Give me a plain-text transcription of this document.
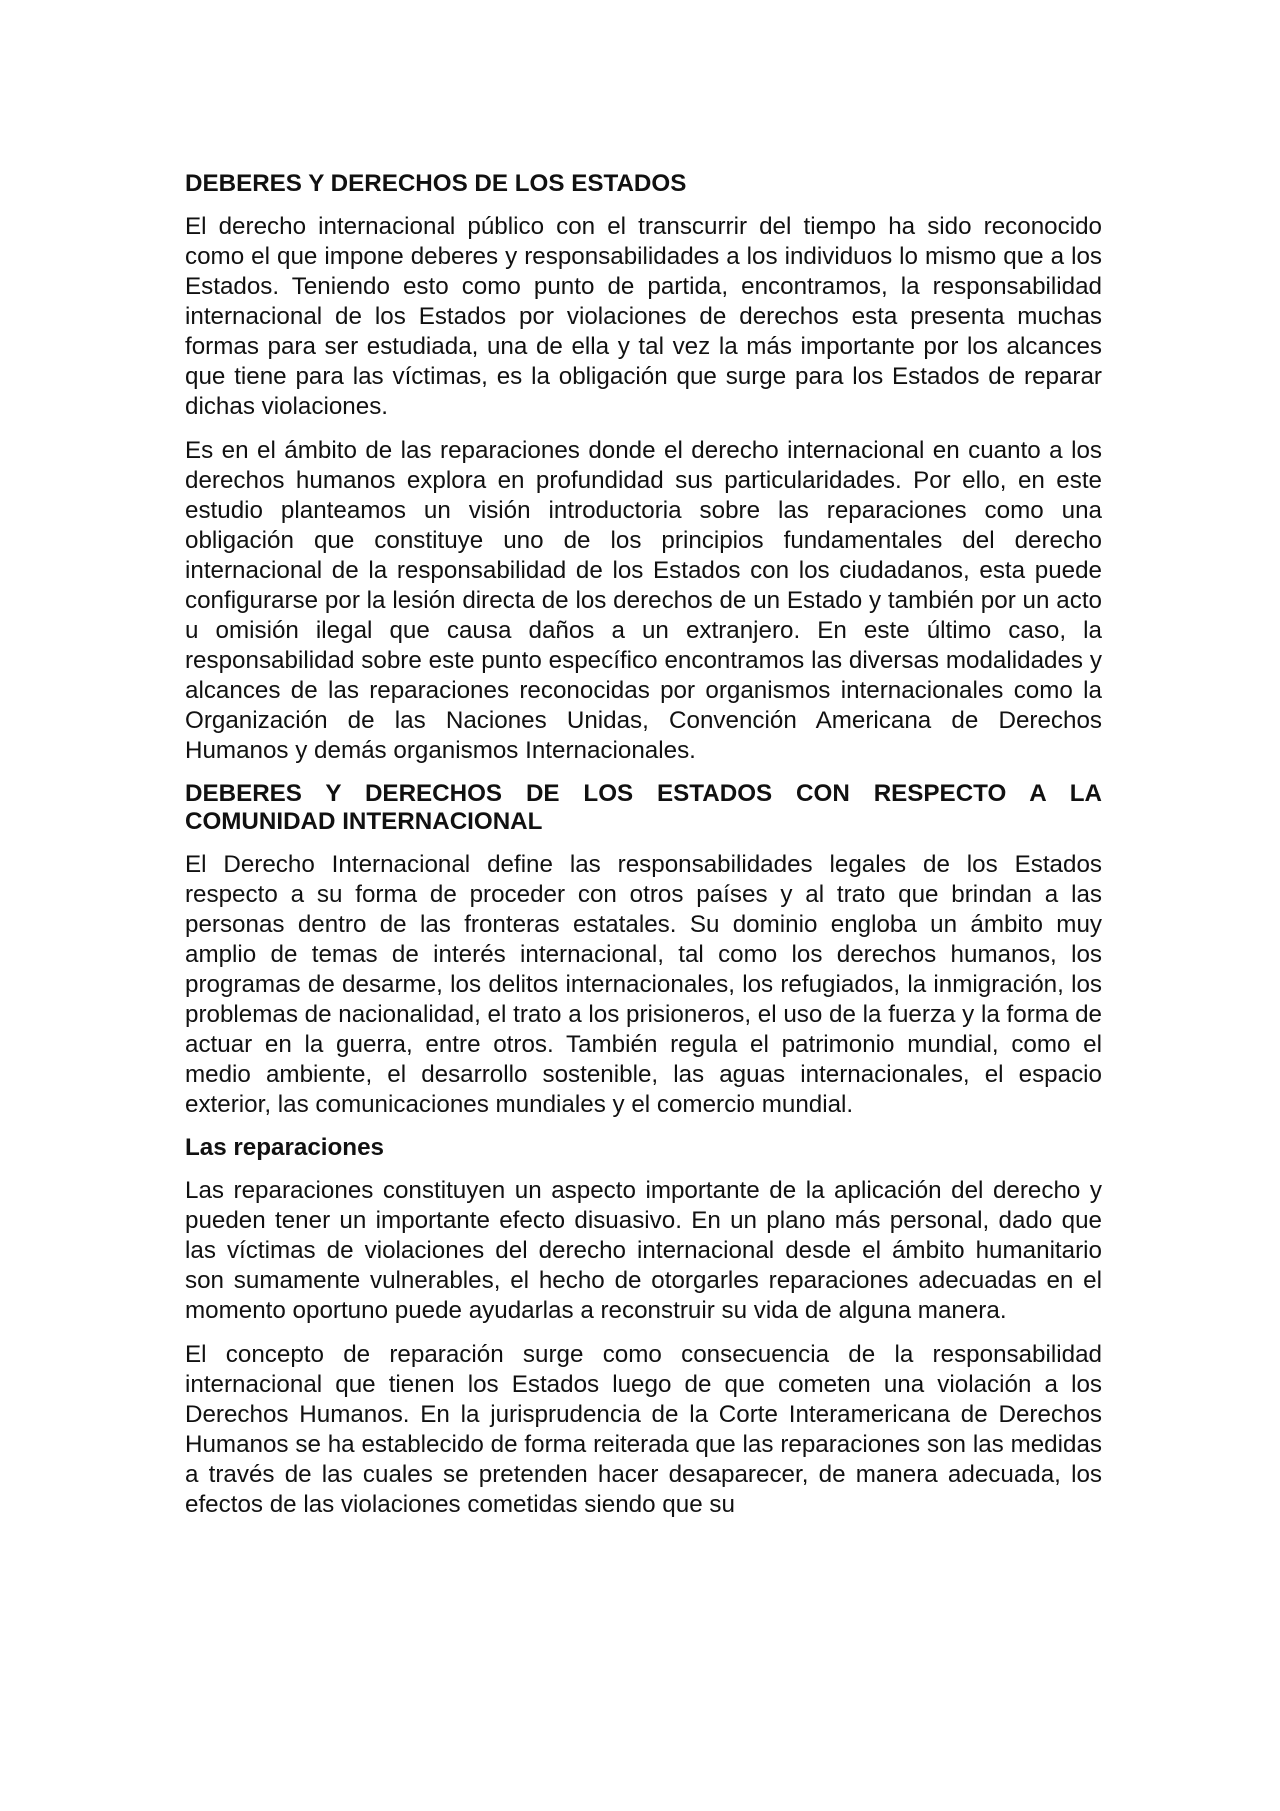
DEBERES Y DERECHOS DE LOS ESTADOS

El derecho internacional público con el transcurrir del tiempo ha sido reconocido como el que impone deberes y responsabilidades a los individuos lo mismo que a los Estados. Teniendo esto como punto de partida, encontramos, la responsabilidad internacional de los Estados por violaciones de derechos esta presenta muchas formas para ser estudiada, una de ella y tal vez la más importante por los alcances que tiene para las víctimas, es la obligación que surge para los Estados de reparar dichas violaciones.

Es en el ámbito de las reparaciones donde el derecho internacional en cuanto a los derechos humanos explora en profundidad sus particularidades. Por ello, en este estudio planteamos un visión introductoria sobre las reparaciones como una obligación que constituye uno de los principios fundamentales del derecho internacional de la responsabilidad de los Estados con los ciudadanos, esta puede configurarse por la lesión directa de los derechos de un Estado y también por un acto u omisión ilegal que causa daños a un extranjero. En este último caso, la responsabilidad sobre este punto específico encontramos las diversas modalidades y alcances de las reparaciones reconocidas por organismos internacionales como la Organización de las Naciones Unidas, Convención Americana de Derechos Humanos y demás organismos Internacionales.

DEBERES Y DERECHOS DE LOS ESTADOS CON RESPECTO A LA COMUNIDAD INTERNACIONAL

El Derecho Internacional define las responsabilidades legales de los Estados respecto a su forma de proceder con otros países y al trato que brindan a las personas dentro de las fronteras estatales. Su dominio engloba un ámbito muy amplio de temas de interés internacional, tal como los derechos humanos, los programas de desarme, los delitos internacionales, los refugiados, la inmigración, los problemas de nacionalidad, el trato a los prisioneros, el uso de la fuerza y la forma de actuar en la guerra, entre otros. También regula el patrimonio mundial, como el medio ambiente, el desarrollo sostenible, las aguas internacionales, el espacio exterior, las comunicaciones mundiales y el comercio mundial.

Las reparaciones

Las reparaciones constituyen un aspecto importante de la aplicación del derecho y pueden tener un importante efecto disuasivo. En un plano más personal, dado que las víctimas de violaciones del derecho internacional desde el ámbito humanitario son sumamente vulnerables, el hecho de otorgarles reparaciones adecuadas en el momento oportuno puede ayudarlas a reconstruir su vida de alguna manera.

El concepto de reparación surge como consecuencia de la responsabilidad internacional que tienen los Estados luego de que cometen una violación a los Derechos Humanos. En la jurisprudencia de la Corte Interamericana de Derechos Humanos se ha establecido de forma reiterada que las reparaciones son las medidas a través de las cuales se pretenden hacer desaparecer, de manera adecuada, los efectos de las violaciones cometidas siendo que su
